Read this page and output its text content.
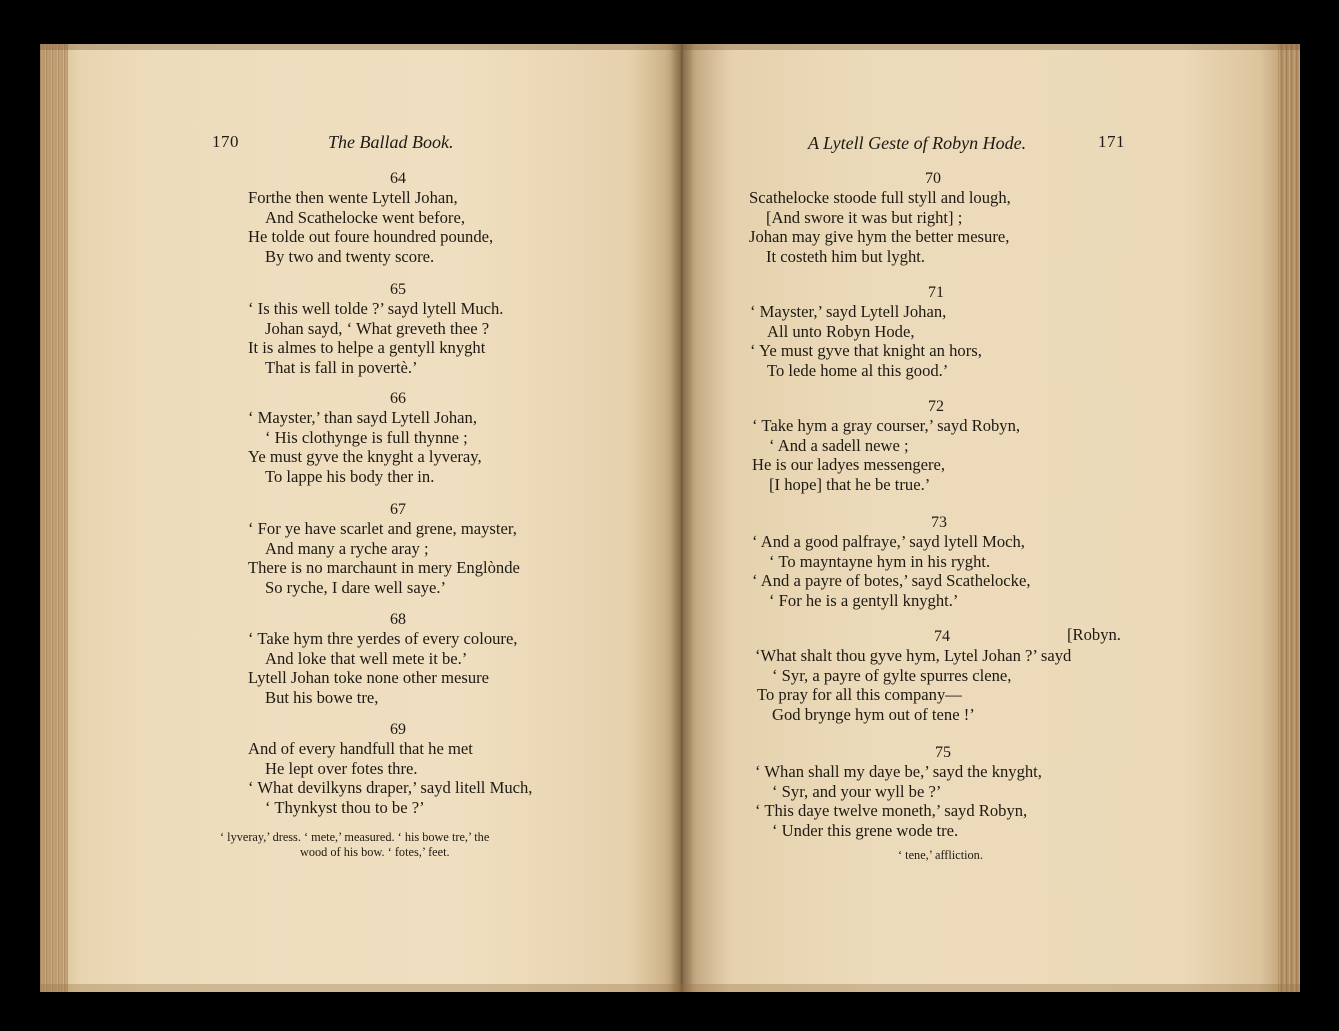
170	The Ballad Book.
64
Forthe then wente Lytell Johan,
And Scathelocke went before,
He tolde out foure houndred pounde,
By two and twenty score.
65
‘ Is this well tolde ?’ sayd lytell Much.
Johan sayd, ‘ What greveth thee ?
It is almes to helpe a gentyll knyght
That is fall in povertè.’
66
‘ Mayster,’ than sayd Lytell Johan,
‘ His clothynge is full thynne ;
Ye must gyve the knyght a lyveray,
To lappe his body ther in.
67
‘ For ye have scarlet and grene, mayster,
And many a ryche aray ;
There is no marchaunt in mery Englònde
So ryche, I dare well saye.’
68
‘ Take hym thre yerdes of every coloure,
And loke that well mete it be.’
Lytell Johan toke none other mesure
But his bowe tre,
69
And of every handfull that he met
He lept over fotes thre.
‘ What devilkyns draper,’ sayd litell Much,
‘ Thynkyst thou to be ?’
‘ lyveray,’ dress. ‘ mete,’ measured. ‘ his bowe tre,’ the
wood of his bow. ‘ fotes,’ feet.
A Lytell Geste of Robyn Hode.	171
70
Scathelocke stoode full styll and lough,
[And swore it was but right] ;
Johan may give hym the better mesure,
It costeth him but lyght.
71
‘ Mayster,’ sayd Lytell Johan,
All unto Robyn Hode,
‘ Ye must gyve that knight an hors,
To lede home al this good.’
72
‘ Take hym a gray courser,’ sayd Robyn,
‘ And a sadell newe ;
He is our ladyes messengere,
[I hope] that he be true.’
73
‘ And a good palfraye,’ sayd lytell Moch,
‘ To mayntayne hym in his ryght.
‘ And a payre of botes,’ sayd Scathelocke,
‘ For he is a gentyll knyght.’
74	[Robyn.
‘What shalt thou gyve hym, Lytel Johan ?’ sayd
‘ Syr, a payre of gylte spurres clene,
To pray for all this company—
God brynge hym out of tene !’
75
‘ Whan shall my daye be,’ sayd the knyght,
‘ Syr, and your wyll be ?’
‘ This daye twelve moneth,’ sayd Robyn,
‘ Under this grene wode tre.
‘ tene,’ affliction.
